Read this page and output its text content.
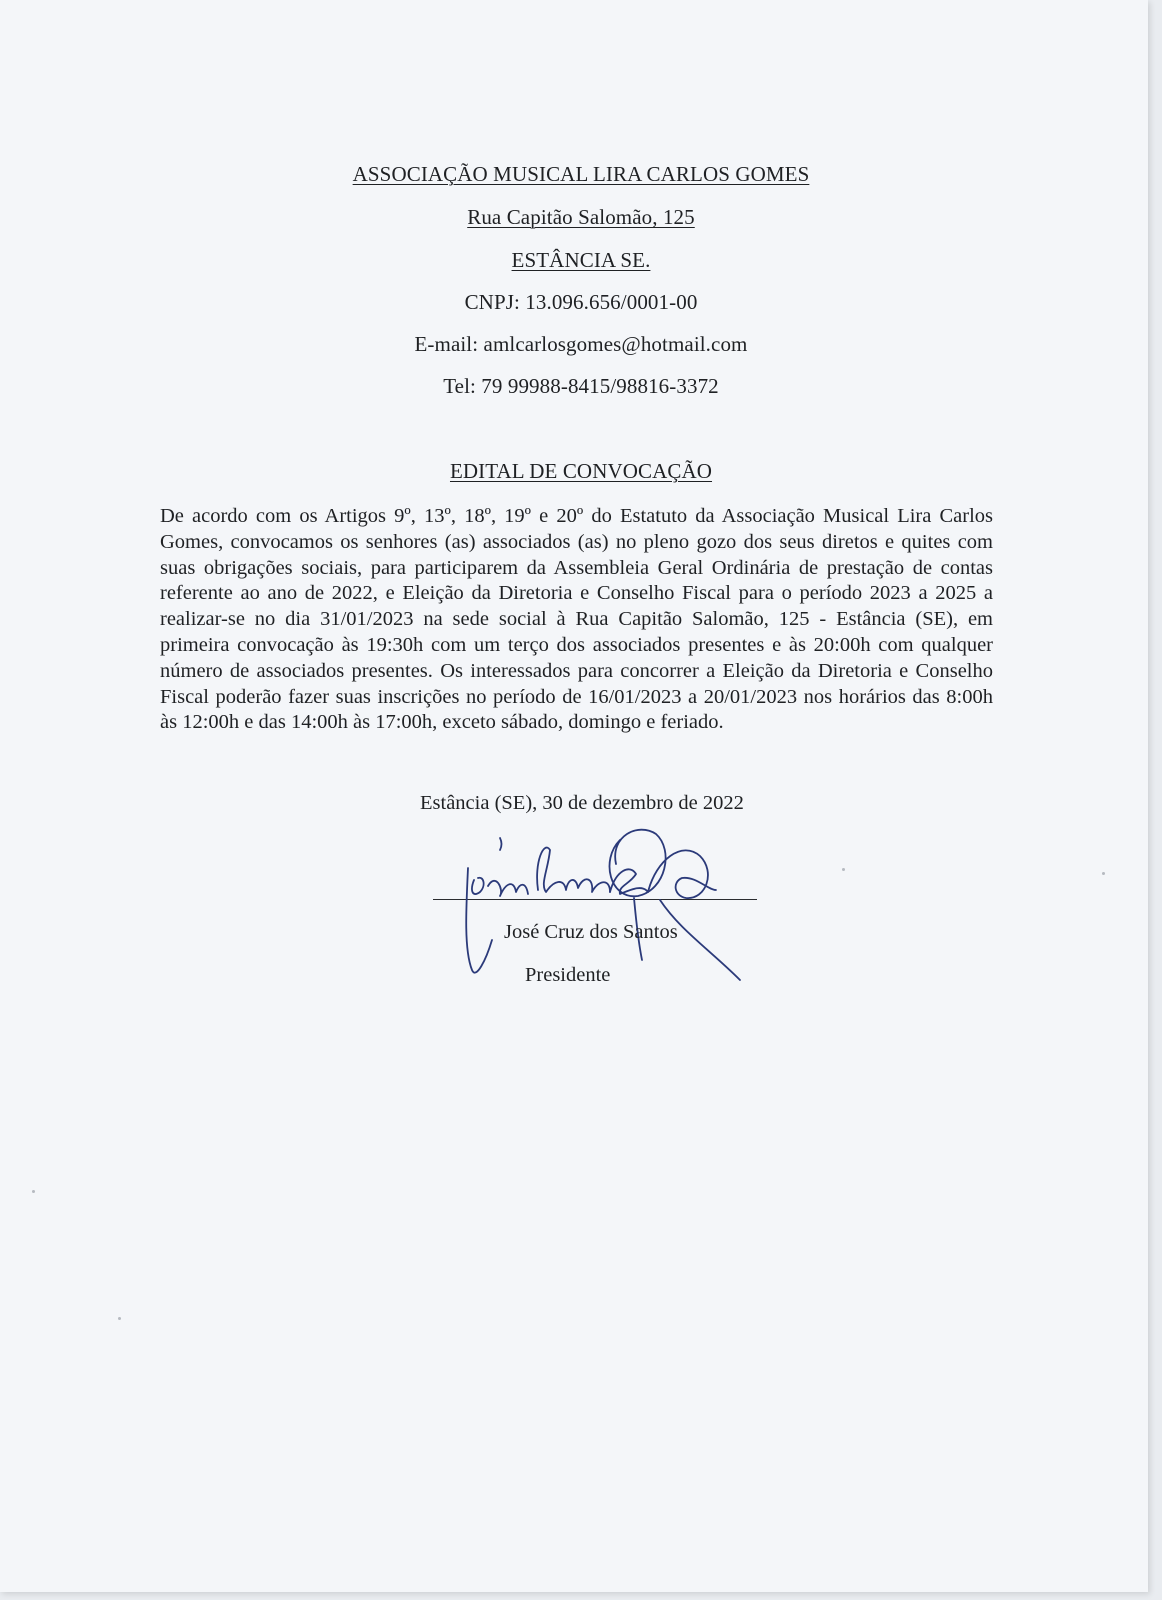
ASSOCIAÇÃO MUSICAL LIRA CARLOS GOMES
Rua Capitão Salomão, 125
ESTÂNCIA SE.
CNPJ: 13.096.656/0001-00
E-mail: amlcarlosgomes@hotmail.com
Tel: 79 99988-8415/98816-3372
EDITAL DE CONVOCAÇÃO
De acordo com os Artigos 9º, 13º, 18º, 19º e 20º do Estatuto da Associação Musical Lira Carlos Gomes, convocamos os senhores (as) associados (as) no pleno gozo dos seus diretos e quites com suas obrigações sociais, para participarem da Assembleia Geral Ordinária de prestação de contas referente ao ano de 2022, e Eleição da Diretoria e Conselho Fiscal para o período 2023 a 2025 a realizar-se no dia 31/01/2023 na sede social à Rua Capitão Salomão, 125 - Estância (SE), em primeira convocação às 19:30h com um terço dos associados presentes e às 20:00h com qualquer número de associados presentes. Os interessados para concorrer a Eleição da Diretoria e Conselho Fiscal poderão fazer suas inscrições no período de 16/01/2023 a 20/01/2023 nos horários das 8:00h às 12:00h e das 14:00h às 17:00h, exceto sábado, domingo e feriado.
Estância (SE), 30 de dezembro de 2022
José Cruz dos Santos
Presidente
